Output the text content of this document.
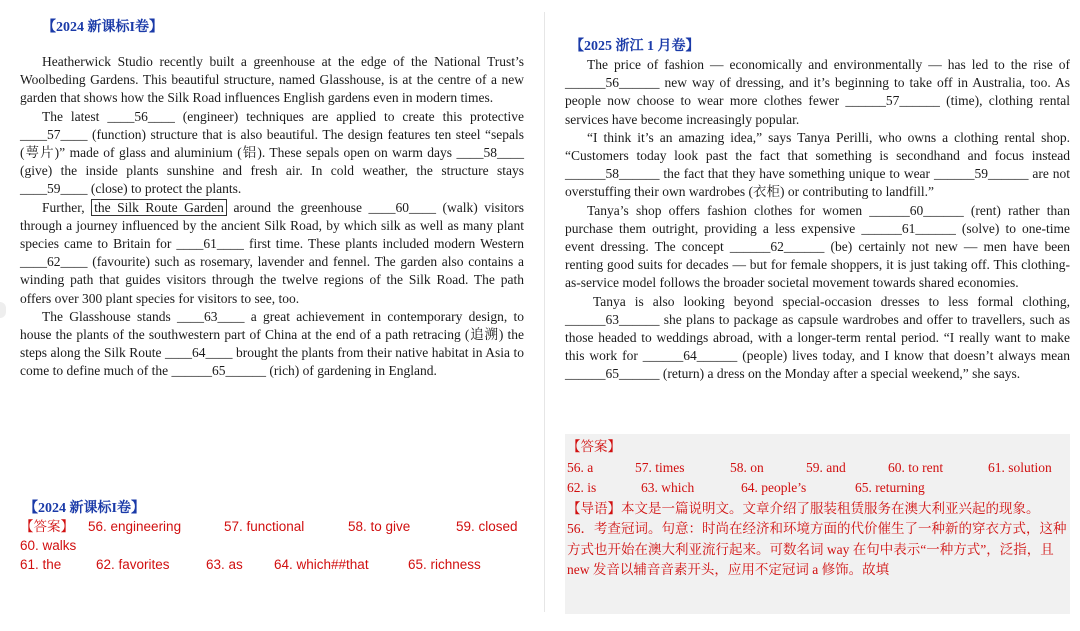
【2024 新课标I卷】

Heatherwick Studio recently built a greenhouse at the edge of the National Trust’s Woolbeding Gardens. This beautiful structure, named Glasshouse, is at the centre of a new garden that shows how the Silk Road influences English gardens even in modern times.

The latest ____56____ (engineer) techniques are applied to create this protective ____57____ (function) structure that is also beautiful. The design features ten steel “sepals (萼片)” made of glass and aluminium (铝). These sepals open on warm days ____58____ (give) the inside plants sunshine and fresh air. In cold weather, the structure stays ____59____ (close) to protect the plants.

Further, the Silk Route Garden around the greenhouse ____60____ (walk) visitors through a journey influenced by the ancient Silk Road, by which silk as well as many plant species came to Britain for ____61____ first time. These plants included modern Western ____62____ (favourite) such as rosemary, lavender and fennel. The garden also contains a winding path that guides visitors through the twelve regions of the Silk Road. The path offers over 300 plant species for visitors to see, too.

The Glasshouse stands ____63____ a great achievement in contemporary design, to house the plants of the southwestern part of China at the end of a path retracing (追溯) the steps along the Silk Route ____64____ brought the plants from their native habitat in Asia to come to define much of the ______65______ (rich) of gardening in England.

【2024 新课标I卷】
【答案】 56. engineering	57. functional	58. to give	59. closed
60. walks
61. the	62. favorites	63. as 64. which##that	65. richness
【2025 浙江 1 月卷】

The price of fashion — economically and environmentally — has led to the rise of ______56______ new way of dressing, and it’s beginning to take off in Australia, too. As people now choose to wear more clothes fewer ______57______ (time), clothing rental services have become increasingly popular.

“I think it’s an amazing idea,” says Tanya Perilli, who owns a clothing rental shop. “Customers today look past the fact that something is secondhand and focus instead ______58______ the fact that they have something unique to wear ______59______ are not overstuffing their own wardrobes (衣柜) or contributing to landfill.”

Tanya’s shop offers fashion clothes for women ______60______ (rent) rather than purchase them outright, providing a less expensive ______61______ (solve) to one-time event dressing. The concept ______62______ (be) certainly not new — men have been renting good suits for decades — but for female shoppers, it is just taking off. This clothing-as-service model follows the broader societal movement towards shared economies.

Tanya is also looking beyond special-occasion dresses to less formal clothing, ______63______ she plans to package as capsule wardrobes and offer to travellers, such as those headed to weddings abroad, with a longer-term rental period. “I really want to make this work for ______64______ (people) lives today, and I know that doesn’t always mean ______65______ (return) a dress on the Monday after a special weekend,” she says.

【答案】
56. a	57. times	58. on	59. and	60. to rent	61. solution
62. is	63. which	64. people’s	65. returning
【导语】本文是一篇说明文。文章介绍了服装租赁服务在澳大利亚兴起的现象。
56．考查冠词。句意：时尚在经济和环境方面的代价催生了一种新的穿衣方式，这种方式也开始在澳大利亚流行起来。可数名词 way 在句中表示“一种方式”，泛指，且 new 发音以辅音音素开头，应用不定冠词 a 修饰。故填
